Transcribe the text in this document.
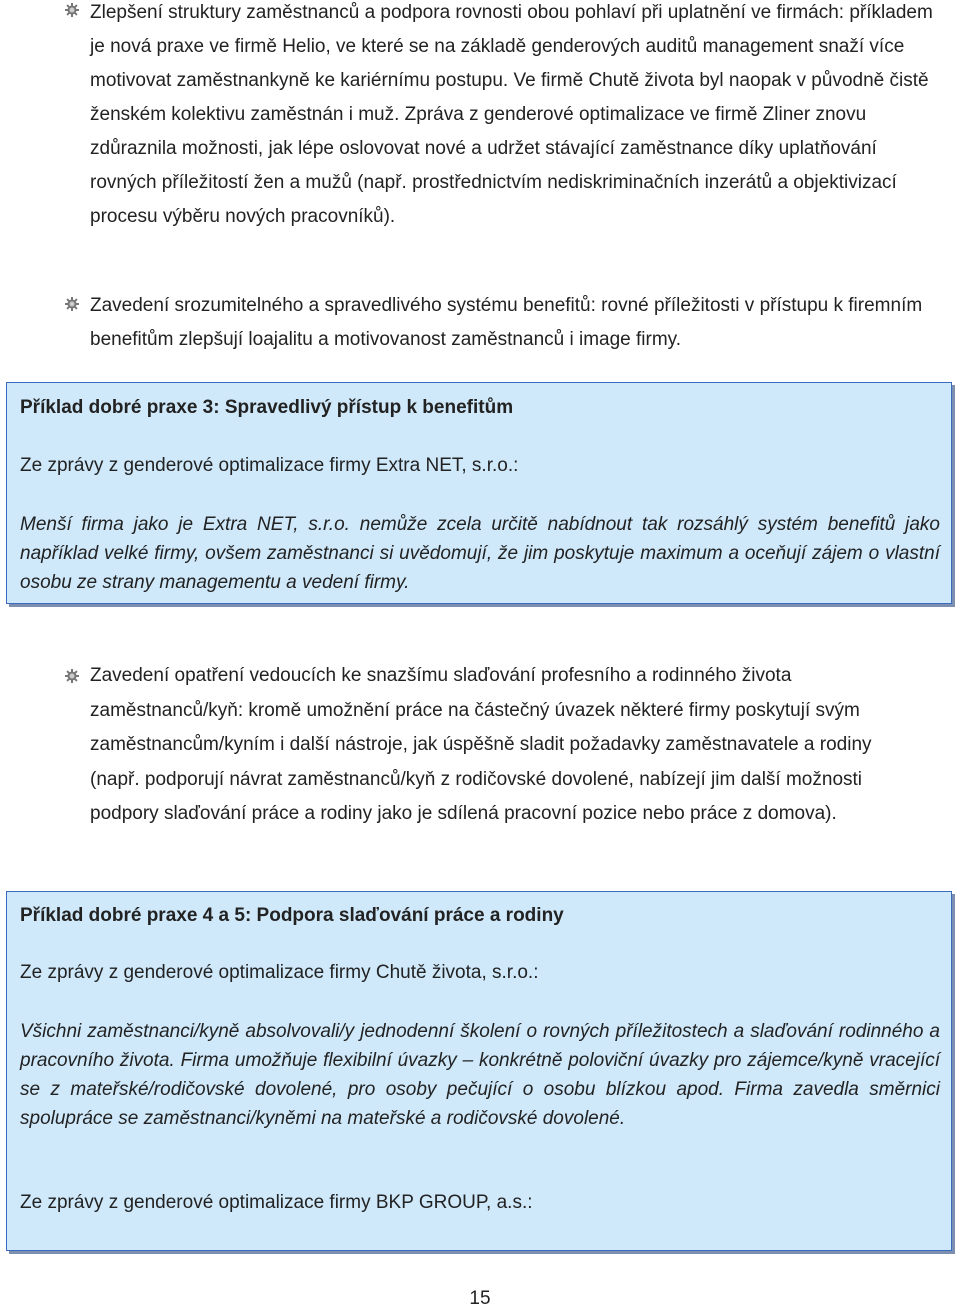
Zlepšení struktury zaměstnanců a podpora rovnosti obou pohlaví při uplatnění ve firmách: příkladem je nová praxe ve firmě Helio, ve které se na základě genderových auditů management snaží více motivovat zaměstnankyně ke kariérnímu postupu. Ve firmě Chutě života byl naopak v původně čistě ženském kolektivu zaměstnán i muž. Zpráva z genderové optimalizace ve firmě Zliner znovu zdůraznila možnosti, jak lépe oslovovat nové a udržet stávající zaměstnance díky uplatňování rovných příležitostí žen a mužů (např. prostřednictvím nediskriminačních inzerátů a objektivizací procesu výběru nových pracovníků).

Zavedení srozumitelného a spravedlivého systému benefitů: rovné příležitosti v přístupu k firemním benefitům zlepšují loajalitu a motivovanost zaměstnanců i image firmy.

Příklad dobré praxe 3: Spravedlivý přístup k benefitům

Ze zprávy z genderové optimalizace firmy Extra NET, s.r.o.:

Menší firma jako je Extra NET, s.r.o. nemůže zcela určitě nabídnout tak rozsáhlý systém benefitů jako například velké firmy, ovšem zaměstnanci si uvědomují, že jim poskytuje maximum a oceňují zájem o vlastní osobu ze strany managementu a vedení firmy.

Zavedení opatření vedoucích ke snazšímu slaďování profesního a rodinného života zaměstnanců/kyň: kromě umožnění práce na částečný úvazek některé firmy poskytují svým zaměstnancům/kyním i další nástroje, jak úspěšně sladit požadavky zaměstnavatele a rodiny (např. podporují návrat zaměstnanců/kyň z rodičovské dovolené, nabízejí jim další možnosti podpory slaďování práce a rodiny jako je sdílená pracovní pozice nebo práce z domova).

Příklad dobré praxe 4 a 5: Podpora slaďování práce a rodiny

Ze zprávy z genderové optimalizace firmy Chutě života, s.r.o.:

Všichni zaměstnanci/kyně absolvovali/y jednodenní školení o rovných příležitostech a slaďování rodinného a pracovního života. Firma umožňuje flexibilní úvazky – konkrétně poloviční úvazky pro zájemce/kyně vracející se z mateřské/rodičovské dovolené, pro osoby pečující o osobu blízkou apod. Firma zavedla směrnici spolupráce se zaměstnanci/kyněmi na mateřské a rodičovské dovolené.

Ze zprávy z genderové optimalizace firmy BKP GROUP, a.s.:

15
